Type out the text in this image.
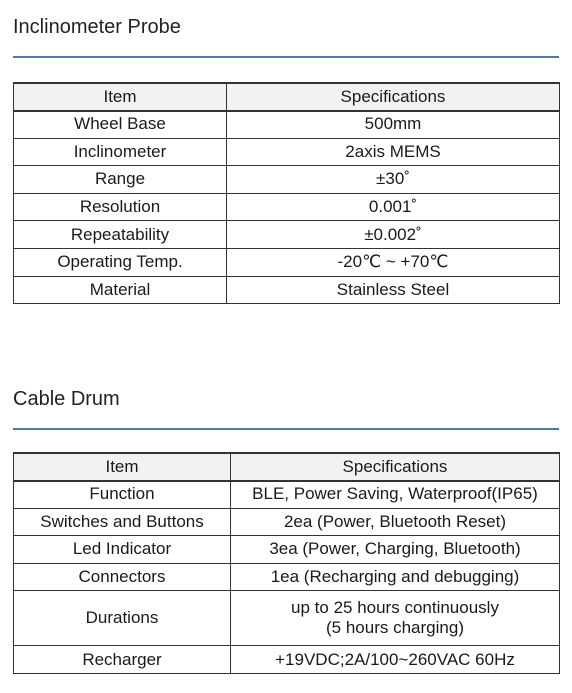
Inclinometer Probe
Item	Specifications
Wheel Base	500mm
Inclinometer	2axis MEMS
Range	±30˚
Resolution	0.001˚
Repeatability	±0.002˚
Operating Temp.	-20℃ ~ +70℃
Material	Stainless Steel
Cable Drum
Item	Specifications
Function	BLE, Power Saving, Waterproof(IP65)
Switches and Buttons	2ea (Power, Bluetooth Reset)
Led Indicator	3ea (Power, Charging, Bluetooth)
Connectors	1ea (Recharging and debugging)
Durations	up to 25 hours continuously
(5 hours charging)

Recharger	+19VDC;2A/100~260VAC 60Hz
